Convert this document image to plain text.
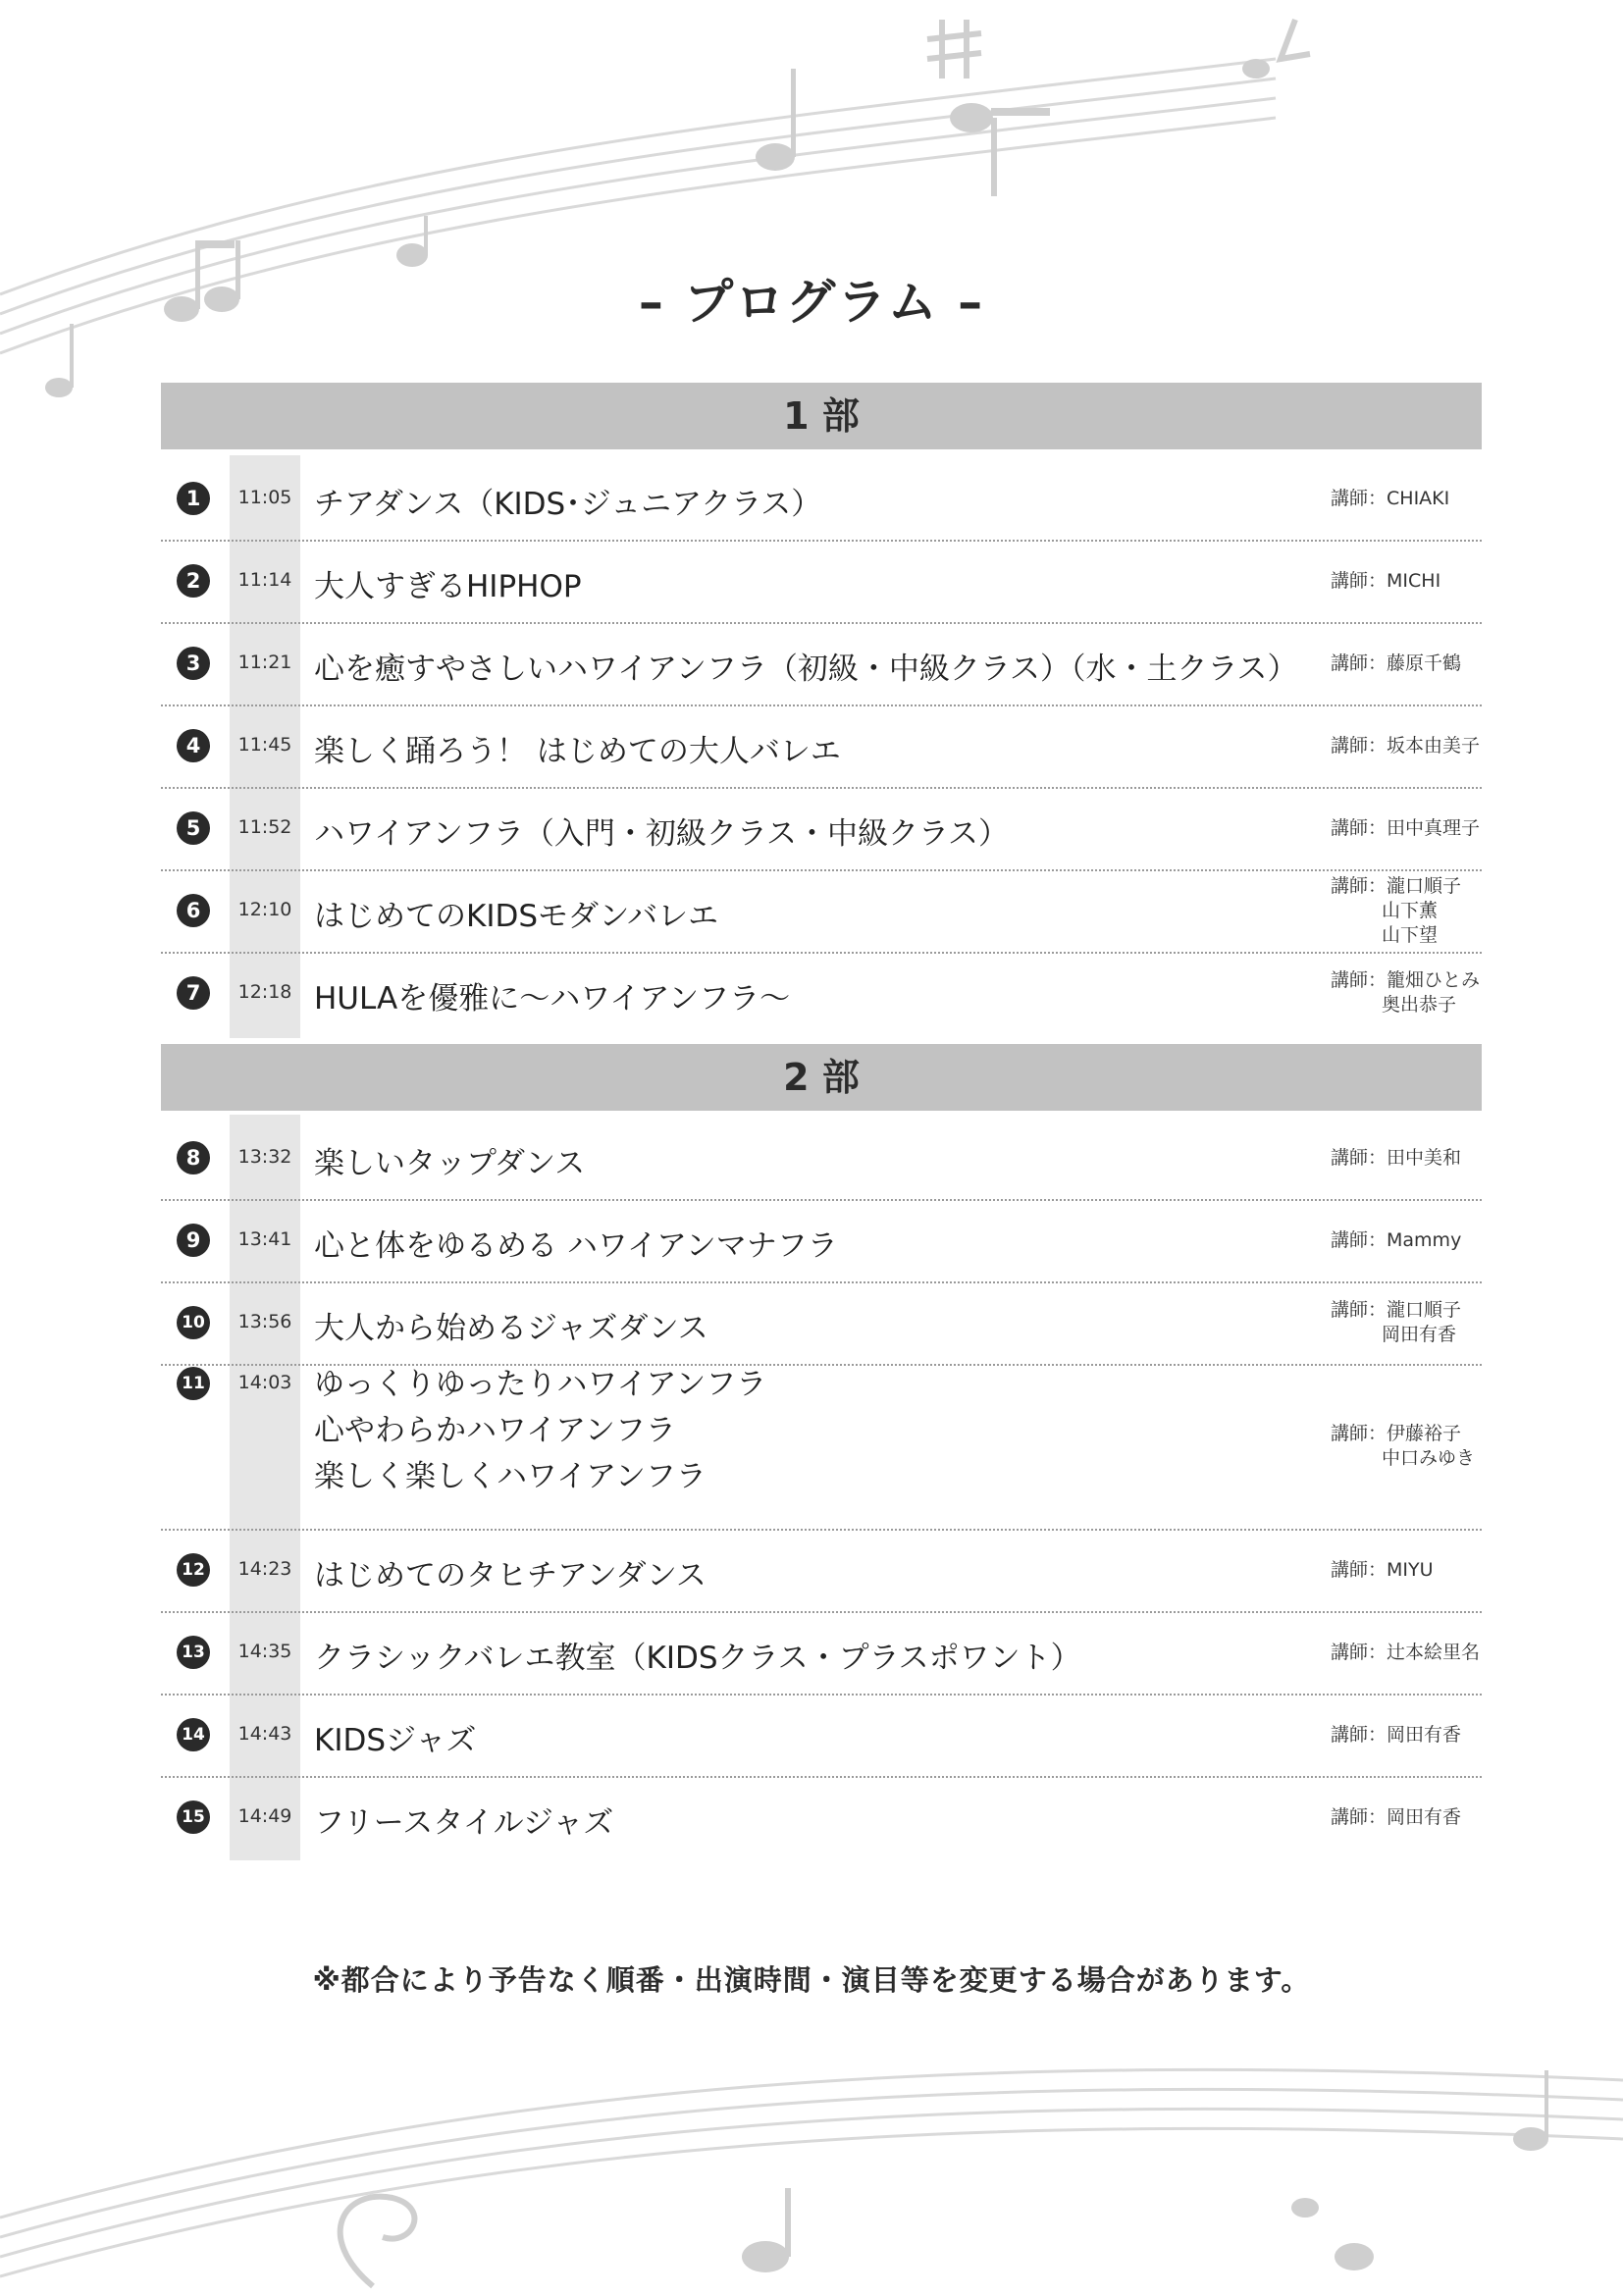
– プログラム –
1 部
2 部
1	11:05 チアダンス（KIDS･ジュニアクラス）	講師：CHIAKI
2	11:14 大人すぎるHIPHOP	講師：MICHI
3	11:21 心を癒すやさしいハワイアンフラ（初級・中級クラス）（水・土クラス） 講師：藤原千鶴
4	11:45 楽しく踊ろう！ はじめての大人バレエ	講師：坂本由美子
5	11:52 ハワイアンフラ（入門・初級クラス・中級クラス）	講師：田中真理子
6	12:10 はじめてのKIDSモダンバレエ
講師：瀧口順子
山下薫
山下望
7	12:18 HULAを優雅に〜ハワイアンフラ〜
講師：籠畑ひとみ
奥出恭子
8	13:32 楽しいタップダンス	講師：田中美和
9	13:41 心と体をゆるめる ハワイアンマナフラ	講師：Mammy
10	13:56 大人から始めるジャズダンス
講師：瀧口順子
岡田有香
11	14:03 ゆっくりゆったりハワイアンフラ
心やわらかハワイアンフラ
楽しく楽しくハワイアンフラ
講師：伊藤裕子
中口みゆき
12	14:23 はじめてのタヒチアンダンス	講師：MIYU
13	14:35 クラシックバレエ教室（KIDSクラス・プラスポワント）	講師：辻本絵里名
14	14:43 KIDSジャズ	講師：岡田有香
15	14:49 フリースタイルジャズ	講師：岡田有香
※都合により予告なく順番・出演時間・演目等を変更する場合があります。
